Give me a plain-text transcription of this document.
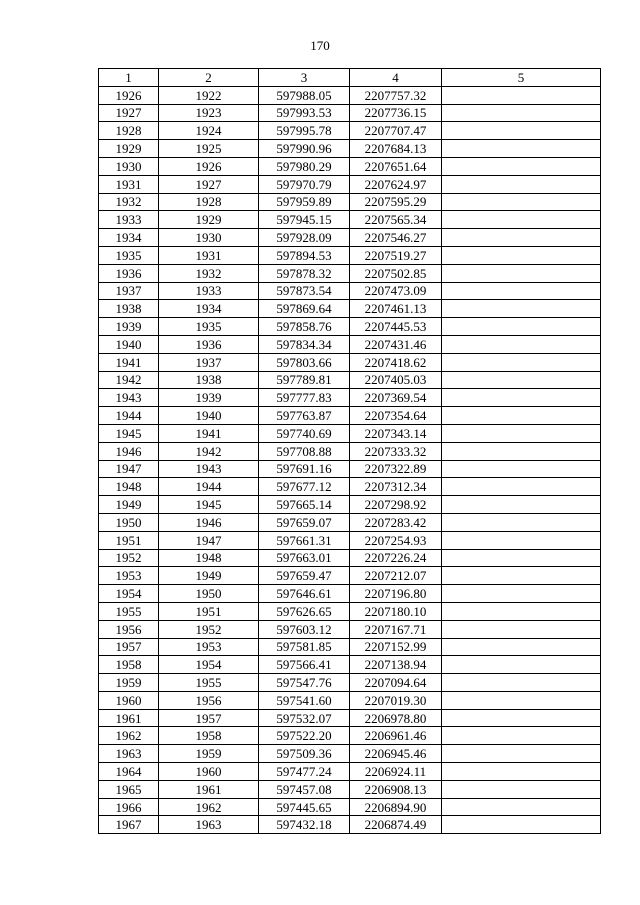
170
1	2	3	4	5
1926	1922	597988.05	2207757.32	
1927	1923	597993.53	2207736.15	
1928	1924	597995.78	2207707.47	
1929	1925	597990.96	2207684.13	
1930	1926	597980.29	2207651.64	
1931	1927	597970.79	2207624.97	
1932	1928	597959.89	2207595.29	
1933	1929	597945.15	2207565.34	
1934	1930	597928.09	2207546.27	
1935	1931	597894.53	2207519.27	
1936	1932	597878.32	2207502.85	
1937	1933	597873.54	2207473.09	
1938	1934	597869.64	2207461.13	
1939	1935	597858.76	2207445.53	
1940	1936	597834.34	2207431.46	
1941	1937	597803.66	2207418.62	
1942	1938	597789.81	2207405.03	
1943	1939	597777.83	2207369.54	
1944	1940	597763.87	2207354.64	
1945	1941	597740.69	2207343.14	
1946	1942	597708.88	2207333.32	
1947	1943	597691.16	2207322.89	
1948	1944	597677.12	2207312.34	
1949	1945	597665.14	2207298.92	
1950	1946	597659.07	2207283.42	
1951	1947	597661.31	2207254.93	
1952	1948	597663.01	2207226.24	
1953	1949	597659.47	2207212.07	
1954	1950	597646.61	2207196.80	
1955	1951	597626.65	2207180.10	
1956	1952	597603.12	2207167.71	
1957	1953	597581.85	2207152.99	
1958	1954	597566.41	2207138.94	
1959	1955	597547.76	2207094.64	
1960	1956	597541.60	2207019.30	
1961	1957	597532.07	2206978.80	
1962	1958	597522.20	2206961.46	
1963	1959	597509.36	2206945.46	
1964	1960	597477.24	2206924.11	
1965	1961	597457.08	2206908.13	
1966	1962	597445.65	2206894.90	
1967	1963	597432.18	2206874.49	
